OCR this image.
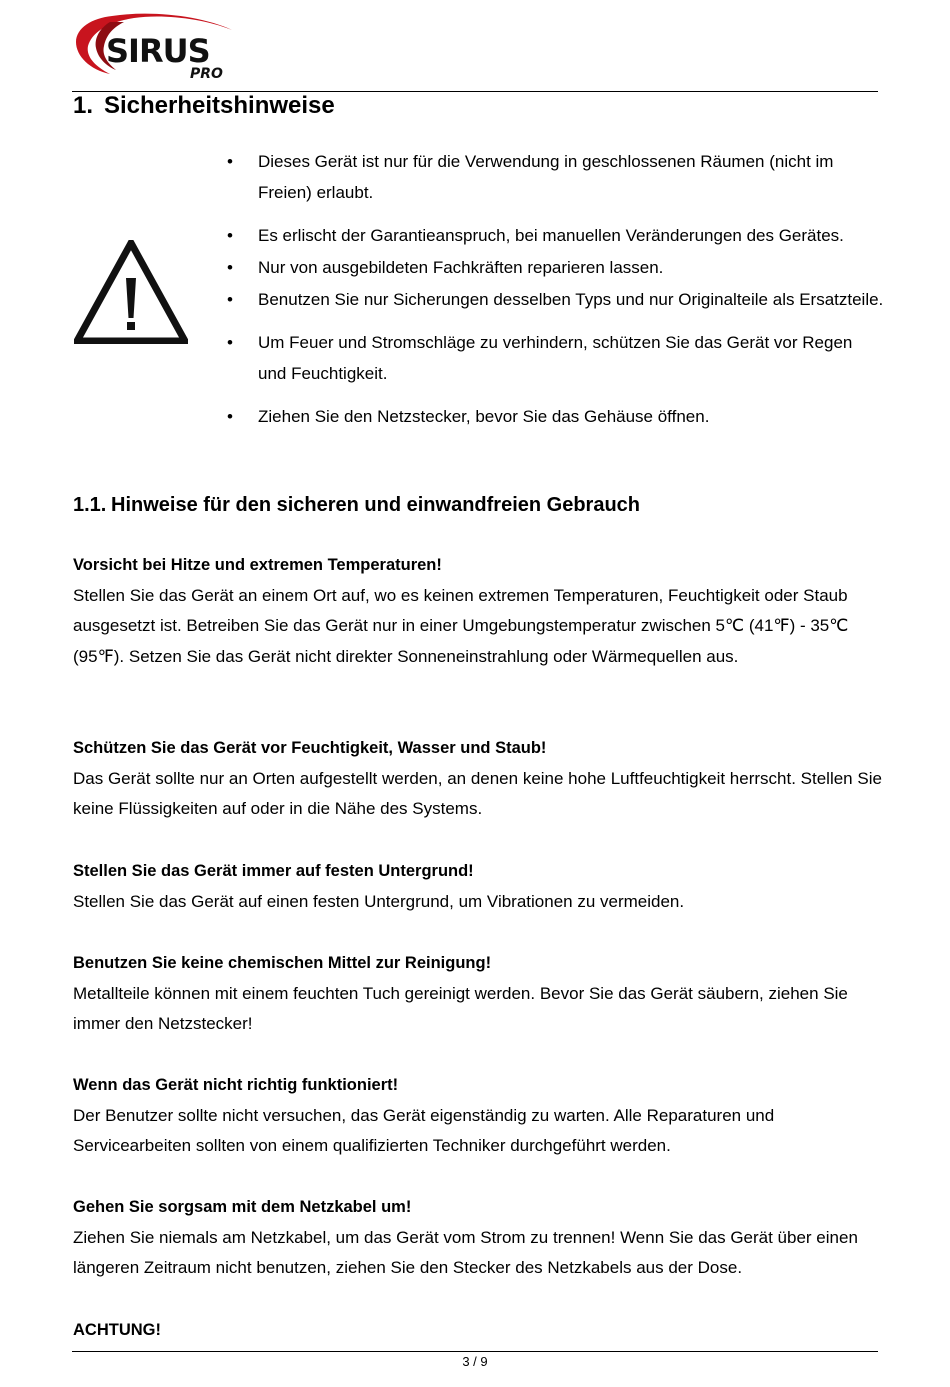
SIRUS
PRO
1. Sicherheitshinweise
• Dieses Gerät ist nur für die Verwendung in geschlossenen Räumen (nicht im Freien) erlaubt.
• Es erlischt der Garantieanspruch, bei manuellen Veränderungen des Gerätes.
• Nur von ausgebildeten Fachkräften reparieren lassen.
• Benutzen Sie nur Sicherungen desselben Typs und nur Originalteile als Ersatzteile.
• Um Feuer und Stromschläge zu verhindern, schützen Sie das Gerät vor Regen und Feuchtigkeit.
• Ziehen Sie den Netzstecker, bevor Sie das Gehäuse öffnen.
1.1. Hinweise für den sicheren und einwandfreien Gebrauch

Vorsicht bei Hitze und extremen Temperaturen!

Stellen Sie das Gerät an einem Ort auf, wo es keinen extremen Temperaturen, Feuchtigkeit oder Staub ausgesetzt ist. Betreiben Sie das Gerät nur in einer Umgebungstemperatur zwischen 5℃ (41℉) - 35℃ (95℉). Setzen Sie das Gerät nicht direkter Sonneneinstrahlung oder Wärmequellen aus.

Schützen Sie das Gerät vor Feuchtigkeit, Wasser und Staub!

Das Gerät sollte nur an Orten aufgestellt werden, an denen keine hohe Luftfeuchtigkeit herrscht. Stellen Sie keine Flüssigkeiten auf oder in die Nähe des Systems.

Stellen Sie das Gerät immer auf festen Untergrund!

Stellen Sie das Gerät auf einen festen Untergrund, um Vibrationen zu vermeiden.

Benutzen Sie keine chemischen Mittel zur Reinigung!

Metallteile können mit einem feuchten Tuch gereinigt werden. Bevor Sie das Gerät säubern, ziehen Sie immer den Netzstecker!

Wenn das Gerät nicht richtig funktioniert!

Der Benutzer sollte nicht versuchen, das Gerät eigenständig zu warten. Alle Reparaturen und Servicearbeiten sollten von einem qualifizierten Techniker durchgeführt werden.

Gehen Sie sorgsam mit dem Netzkabel um!

Ziehen Sie niemals am Netzkabel, um das Gerät vom Strom zu trennen! Wenn Sie das Gerät über einen längeren Zeitraum nicht benutzen, ziehen Sie den Stecker des Netzkabels aus der Dose.

ACHTUNG!

3 / 9
